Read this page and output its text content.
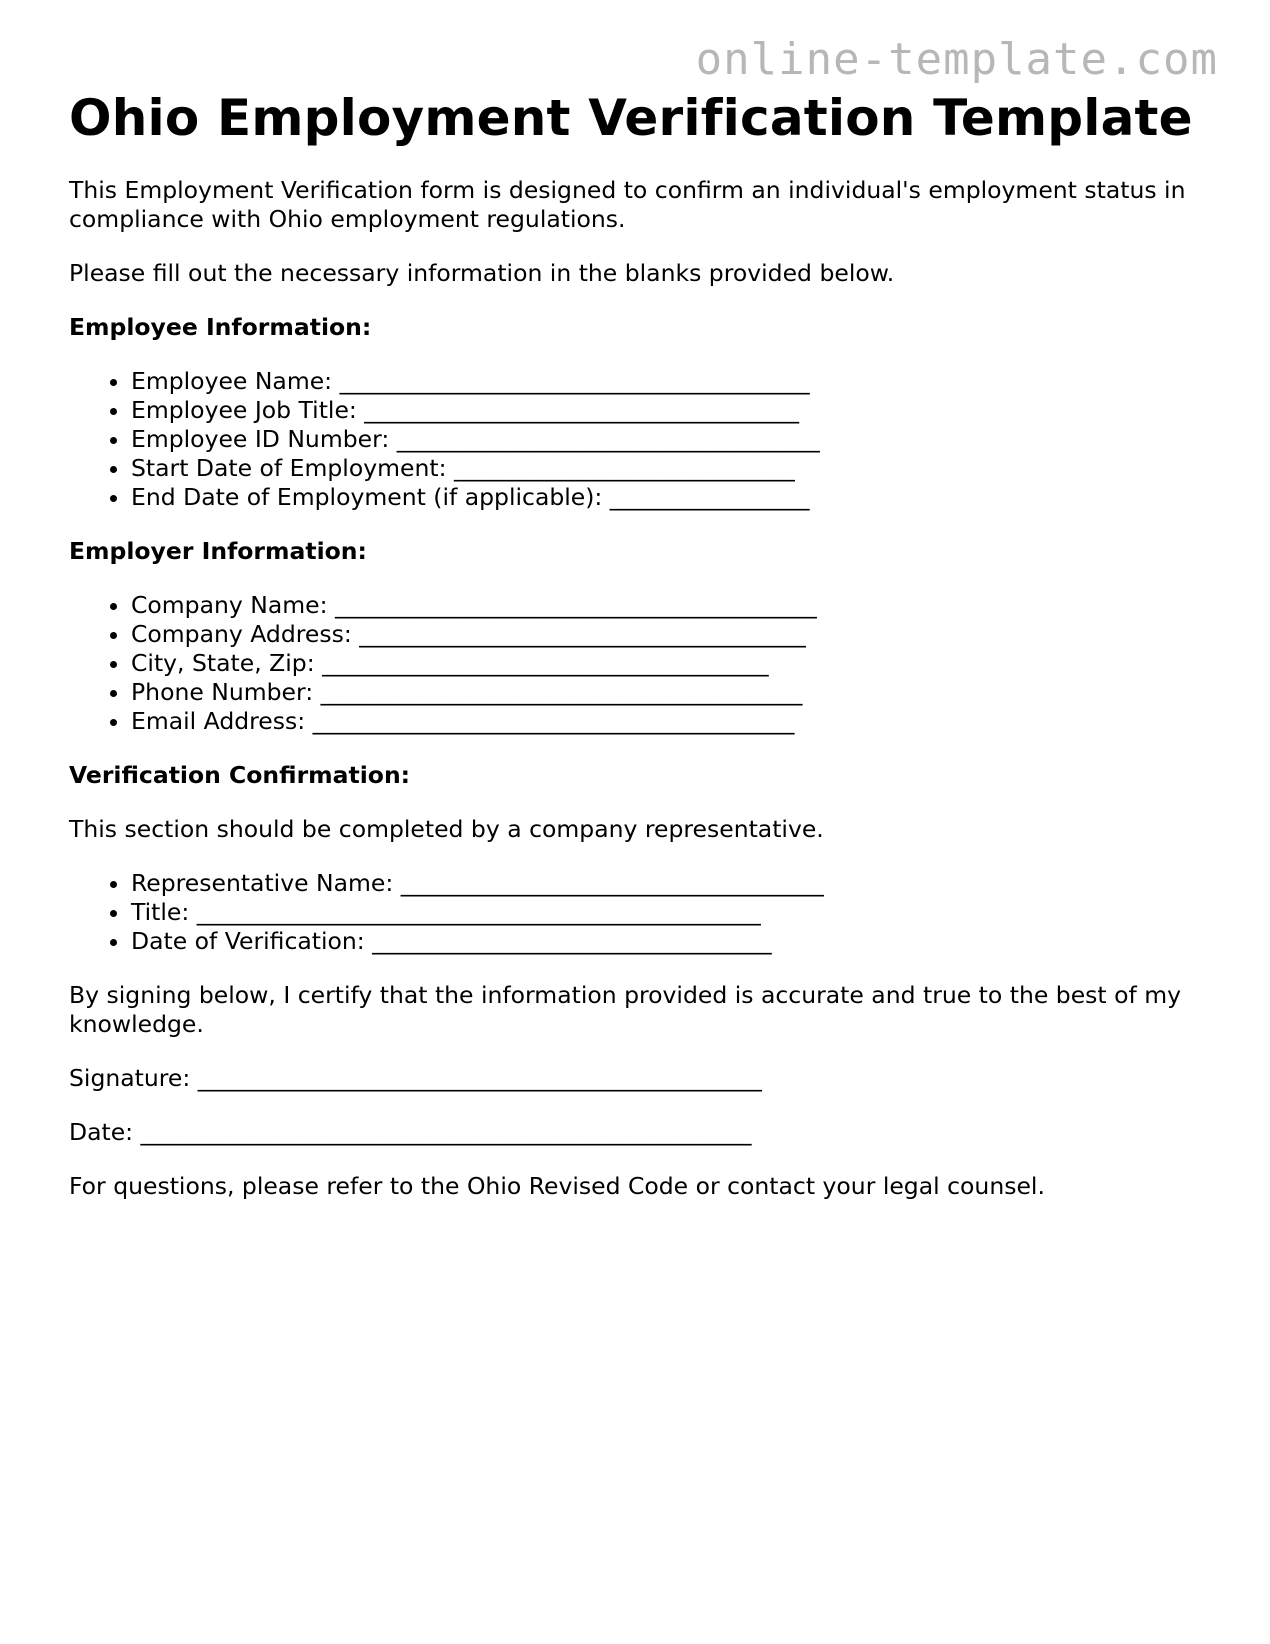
online-template.com
Ohio Employment Verification Template

This Employment Verification form is designed to confirm an individual's employment status in compliance with Ohio employment regulations.

Please fill out the necessary information in the blanks provided below.

Employee Information:

• Employee Name: ________________________________________
• Employee Job Title: _____________________________________
• Employee ID Number: ____________________________________
• Start Date of Employment: _____________________________
• End Date of Employment (if applicable): _________________

Employer Information:

• Company Name: _________________________________________
• Company Address: ______________________________________
• City, State, Zip: ______________________________________
• Phone Number: _________________________________________
• Email Address: _________________________________________

Verification Confirmation:

This section should be completed by a company representative.

• Representative Name: ____________________________________
• Title: ________________________________________________
• Date of Verification: __________________________________

By signing below, I certify that the information provided is accurate and true to the best of my knowledge.

Signature: ________________________________________________

Date: ____________________________________________________

For questions, please refer to the Ohio Revised Code or contact your legal counsel.
